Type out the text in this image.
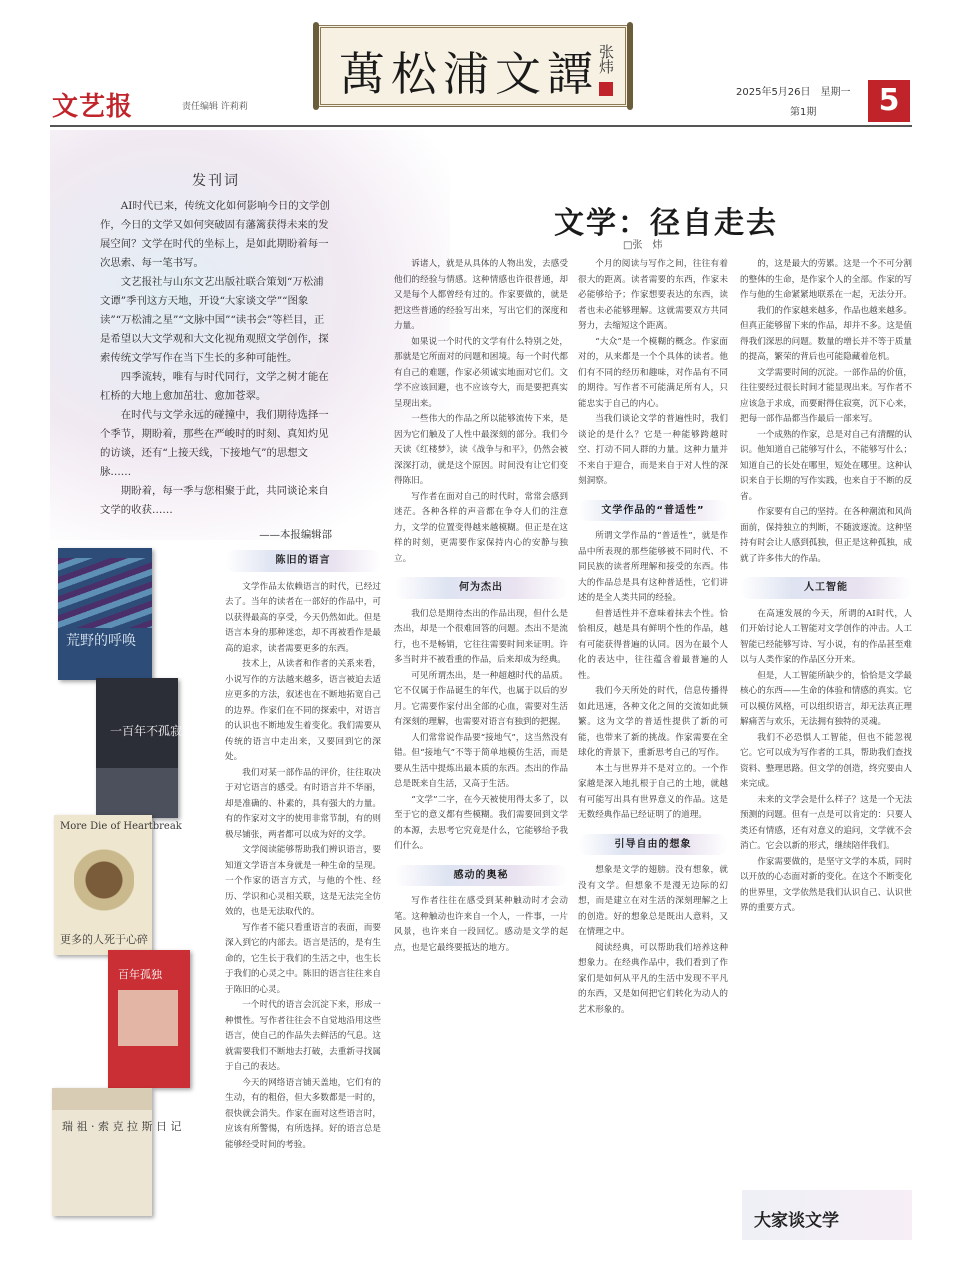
文艺报	责任编辑 许莉莉
萬松浦文譚
张炜
2025年5月26日　星期一
第1期	5
发刊词

AI时代已来，传统文化如何影响今日的文学创作，今日的文学又如何突破固有藩篱获得未来的发展空间？文学在时代的坐标上，是如此期盼着每一次思索、每一笔书写。

文艺报社与山东文艺出版社联合策划“万松浦文谭”季刊这方天地，开设“大家谈文学”“图象读”“万松浦之星”“文脉中国”“读书会”等栏目，正是希望以大文学观和大文化视角观照文学创作，探索传统文学写作在当下生长的多种可能性。

四季流转，唯有与时代同行，文学之树才能在杠桥的大地上愈加茁壮、愈加苍翠。

在时代与文学永远的碰撞中，我们期待选择一个季节，期盼着，那些在严峻时的时刻、真知灼见的访谈，还有“上接天线，下接地气”的思想文脉……

期盼着，每一季与您相聚于此，共同谈论来自文学的收获……

——本报编辑部

文学：径自走去
□张　炜
荒野的呼唤
一百年不孤寂
More Die of Heartbreak
更多的人死于心碎
百年孤独
瑞 祖 · 索 克 拉 斯 日 记
陈旧的语言

文学作品太依赖语言的时代，已经过去了。当年的读者在一部好的作品中，可以获得最高的享受，今天仍然如此。但是语言本身的那种迷恋，却不再被看作是最高的追求，读者需要更多的东西。

技术上，从读者和作者的关系来看，小说写作的方法越来越多，语言被迫去适应更多的方法，叙述也在不断地拓宽自己的边界。作家们在不同的探索中，对语言的认识也不断地发生着变化。我们需要从传统的语言中走出来，又要回到它的深处。

我们对某一部作品的评价，往往取决于对它语言的感受。有时语言并不华丽，却是准确的、朴素的，具有强大的力量。有的作家对文字的使用非常节制，有的则极尽铺张，两者都可以成为好的文学。

文学阅读能够帮助我们辨识语言，要知道文学语言本身就是一种生命的呈现。一个作家的语言方式，与他的个性、经历、学识和心灵相关联，这是无法完全仿效的，也是无法取代的。

写作者不能只看重语言的表面，而要深入到它的内部去。语言是活的，是有生命的，它生长于我们的生活之中，也生长于我们的心灵之中。陈旧的语言往往来自于陈旧的心灵。

一个时代的语言会沉淀下来，形成一种惯性。写作者往往会不自觉地沿用这些语言，使自己的作品失去鲜活的气息。这就需要我们不断地去打破，去重新寻找属于自己的表达。

今天的网络语言铺天盖地，它们有的生动，有的粗俗，但大多数都是一时的，很快就会消失。作家在面对这些语言时，应该有所警惕，有所选择。好的语言总是能够经受时间的考验。

诉诸人，就是从具体的人物出发，去感受他们的经验与情感。这种情感也许很普通，却又是每个人都曾经有过的。作家要做的，就是把这些普通的经验写出来，写出它们的深度和力量。

如果说一个时代的文学有什么特别之处，那就是它所面对的问题和困境。每一个时代都有自己的难题，作家必须诚实地面对它们。文学不应该回避，也不应该夸大，而是要把真实呈现出来。

一些伟大的作品之所以能够流传下来，是因为它们触及了人性中最深刻的部分。我们今天读《红楼梦》，读《战争与和平》，仍然会被深深打动，就是这个原因。时间没有让它们变得陈旧。

写作者在面对自己的时代时，常常会感到迷茫。各种各样的声音都在争夺人们的注意力，文学的位置变得越来越模糊。但正是在这样的时刻，更需要作家保持内心的安静与独立。

何为杰出

我们总是期待杰出的作品出现，但什么是杰出，却是一个很难回答的问题。杰出不是流行，也不是畅销，它往往需要时间来证明。许多当时并不被看重的作品，后来却成为经典。

可见所谓杰出，是一种超越时代的品质。它不仅属于作品诞生的年代，也属于以后的岁月。它需要作家付出全部的心血，需要对生活有深刻的理解，也需要对语言有独到的把握。

人们常常说作品要“接地气”，这当然没有错。但“接地气”不等于简单地模仿生活，而是要从生活中提炼出最本质的东西。杰出的作品总是既来自生活，又高于生活。

“文学”二字，在今天被使用得太多了，以至于它的意义都有些模糊。我们需要回到文学的本源，去思考它究竟是什么，它能够给予我们什么。

感动的奥秘

写作者往往在感受到某种触动时才会动笔。这种触动也许来自一个人，一件事，一片风景，也许来自一段回忆。感动是文学的起点，也是它最终要抵达的地方。

个月的阅读与写作之间，往往有着很大的距离。读者需要的东西，作家未必能够给予；作家想要表达的东西，读者也未必能够理解。这就需要双方共同努力，去缩短这个距离。

“大众”是一个模糊的概念。作家面对的，从来都是一个个具体的读者。他们有不同的经历和趣味，对作品有不同的期待。写作者不可能满足所有人，只能忠实于自己的内心。

当我们谈论文学的普遍性时，我们谈论的是什么？它是一种能够跨越时空、打动不同人群的力量。这种力量并不来自于迎合，而是来自于对人性的深刻洞察。

文学作品的“普适性”

所谓文学作品的“普适性”，就是作品中所表现的那些能够被不同时代、不同民族的读者所理解和接受的东西。伟大的作品总是具有这种普适性，它们讲述的是全人类共同的经验。

但普适性并不意味着抹去个性。恰恰相反，越是具有鲜明个性的作品，越有可能获得普遍的认同。因为在最个人化的表达中，往往蕴含着最普遍的人性。

我们今天所处的时代，信息传播得如此迅速，各种文化之间的交流如此频繁。这为文学的普适性提供了新的可能，也带来了新的挑战。作家需要在全球化的背景下，重新思考自己的写作。

本土与世界并不是对立的。一个作家越是深入地扎根于自己的土地，就越有可能写出具有世界意义的作品。这是无数经典作品已经证明了的道理。

引导自由的想象

想象是文学的翅膀。没有想象，就没有文学。但想象不是漫无边际的幻想，而是建立在对生活的深刻理解之上的创造。好的想象总是既出人意料，又在情理之中。

阅读经典，可以帮助我们培养这种想象力。在经典作品中，我们看到了作家们是如何从平凡的生活中发现不平凡的东西，又是如何把它们转化为动人的艺术形象的。

的，这是最大的劳累。这是一个不可分割的整体的生命，是作家个人的全部。作家的写作与他的生命紧紧地联系在一起，无法分开。

我们的作家越来越多，作品也越来越多。但真正能够留下来的作品，却并不多。这是值得我们深思的问题。数量的增长并不等于质量的提高，繁荣的背后也可能隐藏着危机。

文学需要时间的沉淀。一部作品的价值，往往要经过很长时间才能显现出来。写作者不应该急于求成，而要耐得住寂寞，沉下心来，把每一部作品都当作最后一部来写。

一个成熟的作家，总是对自己有清醒的认识。他知道自己能够写什么，不能够写什么；知道自己的长处在哪里，短处在哪里。这种认识来自于长期的写作实践，也来自于不断的反省。

作家要有自己的坚持。在各种潮流和风尚面前，保持独立的判断，不随波逐流。这种坚持有时会让人感到孤独，但正是这种孤独，成就了许多伟大的作品。

人工智能

在高速发展的今天，所谓的AI时代，人们开始讨论人工智能对文学创作的冲击。人工智能已经能够写诗、写小说，有的作品甚至难以与人类作家的作品区分开来。

但是，人工智能所缺少的，恰恰是文学最核心的东西——生命的体验和情感的真实。它可以模仿风格，可以组织语言，却无法真正理解痛苦与欢乐，无法拥有独特的灵魂。

我们不必恐惧人工智能，但也不能忽视它。它可以成为写作者的工具，帮助我们查找资料、整理思路。但文学的创造，终究要由人来完成。

未来的文学会是什么样子？这是一个无法预测的问题。但有一点是可以肯定的：只要人类还有情感，还有对意义的追问，文学就不会消亡。它会以新的形式，继续陪伴我们。

作家需要做的，是坚守文学的本质，同时以开放的心态面对新的变化。在这个不断变化的世界里，文学依然是我们认识自己、认识世界的重要方式。

大家谈文学
